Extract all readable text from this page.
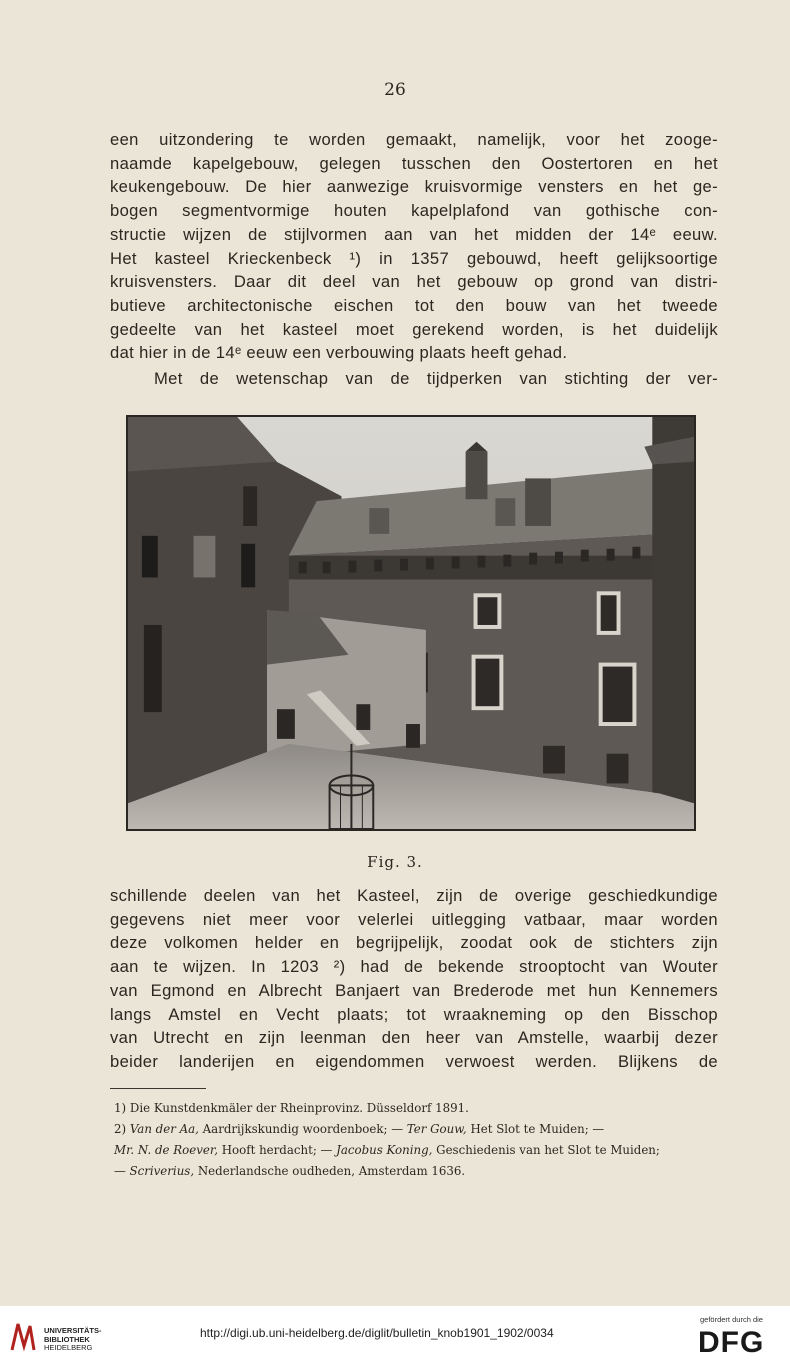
26

een uitzondering te worden gemaakt, namelijk, voor het zooge-
naamde kapelgebouw, gelegen tusschen den Oostertoren en het
keukengebouw. De hier aanwezige kruisvormige vensters en het ge-
bogen segmentvormige houten kapelplafond van gothische con-
structie wijzen de stijlvormen aan van het midden der 14ᵉ eeuw.
Het kasteel Krieckenbeck ¹) in 1357 gebouwd, heeft gelijksoortige
kruisvensters. Daar dit deel van het gebouw op grond van distri-
butieve architectonische eischen tot den bouw van het tweede
gedeelte van het kasteel moet gerekend worden, is het duidelijk
dat hier in de 14ᵉ eeuw een verbouwing plaats heeft gehad.

Met de wetenschap van de tijdperken van stichting der ver-

Fig. 3.

schillende deelen van het Kasteel, zijn de overige geschiedkundige
gegevens niet meer voor velerlei uitlegging vatbaar, maar worden
deze volkomen helder en begrijpelijk, zoodat ook de stichters zijn
aan te wijzen. In 1203 ²) had de bekende strooptocht van Wouter
van Egmond en Albrecht Banjaert van Brederode met hun Kennemers
langs Amstel en Vecht plaats; tot wraakneming op den Bisschop
van Utrecht en zijn leenman den heer van Amstelle, waarbij dezer
beider landerijen en eigendommen verwoest werden. Blijkens de

1) Die Kunstdenkmäler der Rheinprovinz. Düsseldorf 1891.
2) Van der Aa, Aardrijkskundig woordenboek; — Ter Gouw, Het Slot te Muiden; —
Mr. N. de Roever, Hooft herdacht; — Jacobus Koning, Geschiedenis van het Slot te Muiden;
— Scriverius, Nederlandsche oudheden, Amsterdam 1636.
UNIVERSITÄTS-
BIBLIOTHEK
HEIDELBERG
http://digi.ub.uni-heidelberg.de/diglit/bulletin_knob1901_1902/0034
gefördert durch die
DFG
